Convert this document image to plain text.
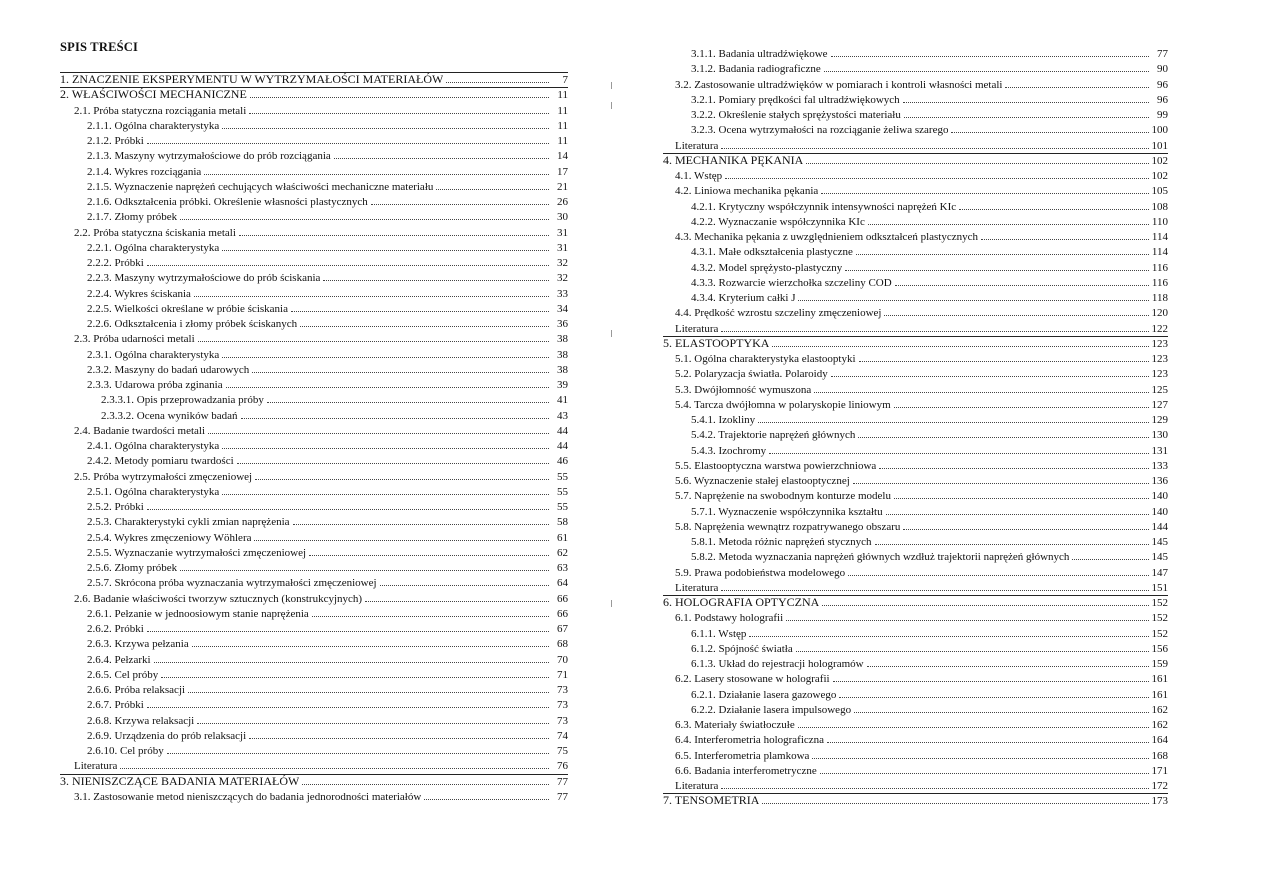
SPIS TREŚCI
1. ZNACZENIE EKSPERYMENTU W WYTRZYMAŁOŚCI MATERIAŁÓW	7
2. WŁAŚCIWOŚCI MECHANICZNE	11
2.1. Próba statyczna rozciągania metali	11
2.1.1. Ogólna charakterystyka	11
2.1.2. Próbki	11
2.1.3. Maszyny wytrzymałościowe do prób rozciągania	14
2.1.4. Wykres rozciągania	17
2.1.5. Wyznaczenie naprężeń cechujących właściwości mechaniczne materiału	21
2.1.6. Odkształcenia próbki. Określenie własności plastycznych	26
2.1.7. Złomy próbek	30
2.2. Próba statyczna ściskania metali	31
2.2.1. Ogólna charakterystyka	31
2.2.2. Próbki	32
2.2.3. Maszyny wytrzymałościowe do prób ściskania	32
2.2.4. Wykres ściskania	33
2.2.5. Wielkości określane w próbie ściskania	34
2.2.6. Odkształcenia i złomy próbek ściskanych	36
2.3. Próba udarności metali	38
2.3.1. Ogólna charakterystyka	38
2.3.2. Maszyny do badań udarowych	38
2.3.3. Udarowa próba zginania	39
2.3.3.1. Opis przeprowadzania próby	41
2.3.3.2. Ocena wyników badań	43
2.4. Badanie twardości metali	44
2.4.1. Ogólna charakterystyka	44
2.4.2. Metody pomiaru twardości	46
2.5. Próba wytrzymałości zmęczeniowej	55
2.5.1. Ogólna charakterystyka	55
2.5.2. Próbki	55
2.5.3. Charakterystyki cykli zmian naprężenia	58
2.5.4. Wykres zmęczeniowy Wöhlera	61
2.5.5. Wyznaczanie wytrzymałości zmęczeniowej	62
2.5.6. Złomy próbek	63
2.5.7. Skrócona próba wyznaczania wytrzymałości zmęczeniowej	64
2.6. Badanie właściwości tworzyw sztucznych (konstrukcyjnych)	66
2.6.1. Pełzanie w jednoosiowym stanie naprężenia	66
2.6.2. Próbki	67
2.6.3. Krzywa pełzania	68
2.6.4. Pełzarki	70
2.6.5. Cel próby	71
2.6.6. Próba relaksacji	73
2.6.7. Próbki	73
2.6.8. Krzywa relaksacji	73
2.6.9. Urządzenia do prób relaksacji	74
2.6.10. Cel próby	75
Literatura	76
3. NIENISZCZĄCE BADANIA MATERIAŁÓW	77
3.1. Zastosowanie metod nieniszczących do badania jednorodności materiałów	77
3.1.1. Badania ultradźwiękowe	77
3.1.2. Badania radiograficzne	90
3.2. Zastosowanie ultradźwięków w pomiarach i kontroli własności metali	96
3.2.1. Pomiary prędkości fal ultradźwiękowych	96
3.2.2. Określenie stałych sprężystości materiału	99
3.2.3. Ocena wytrzymałości na rozciąganie żeliwa szarego	100
Literatura	101
4. MECHANIKA PĘKANIA	102
4.1. Wstęp	102
4.2. Liniowa mechanika pękania	105
4.2.1. Krytyczny współczynnik intensywności naprężeń KIc	108
4.2.2. Wyznaczanie współczynnika KIc	110
4.3. Mechanika pękania z uwzględnieniem odkształceń plastycznych	114
4.3.1. Małe odkształcenia plastyczne	114
4.3.2. Model sprężysto-plastyczny	116
4.3.3. Rozwarcie wierzchołka szczeliny COD	116
4.3.4. Kryterium całki J	118
4.4. Prędkość wzrostu szczeliny zmęczeniowej	120
Literatura	122
5. ELASTOOPTYKA	123
5.1. Ogólna charakterystyka elastooptyki	123
5.2. Polaryzacja światła. Polaroidy	123
5.3. Dwójłomność wymuszona	125
5.4. Tarcza dwójłomna w polaryskopie liniowym	127
5.4.1. Izokliny	129
5.4.2. Trajektorie naprężeń głównych	130
5.4.3. Izochromy	131
5.5. Elastooptyczna warstwa powierzchniowa	133
5.6. Wyznaczenie stałej elastooptycznej	136
5.7. Naprężenie na swobodnym konturze modelu	140
5.7.1. Wyznaczenie współczynnika kształtu	140
5.8. Naprężenia wewnątrz rozpatrywanego obszaru	144
5.8.1. Metoda różnic naprężeń stycznych	145
5.8.2. Metoda wyznaczania naprężeń głównych wzdłuż trajektorii naprężeń głównych	145
5.9. Prawa podobieństwa modelowego	147
Literatura	151
6. HOLOGRAFIA OPTYCZNA	152
6.1. Podstawy holografii	152
6.1.1. Wstęp	152
6.1.2. Spójność światła	156
6.1.3. Układ do rejestracji hologramów	159
6.2. Lasery stosowane w holografii	161
6.2.1. Działanie lasera gazowego	161
6.2.2. Działanie lasera impulsowego	162
6.3. Materiały światłoczułe	162
6.4. Interferometria holograficzna	164
6.5. Interferometria plamkowa	168
6.6. Badania interferometryczne	171
Literatura	172
7. TENSOMETRIA	173
